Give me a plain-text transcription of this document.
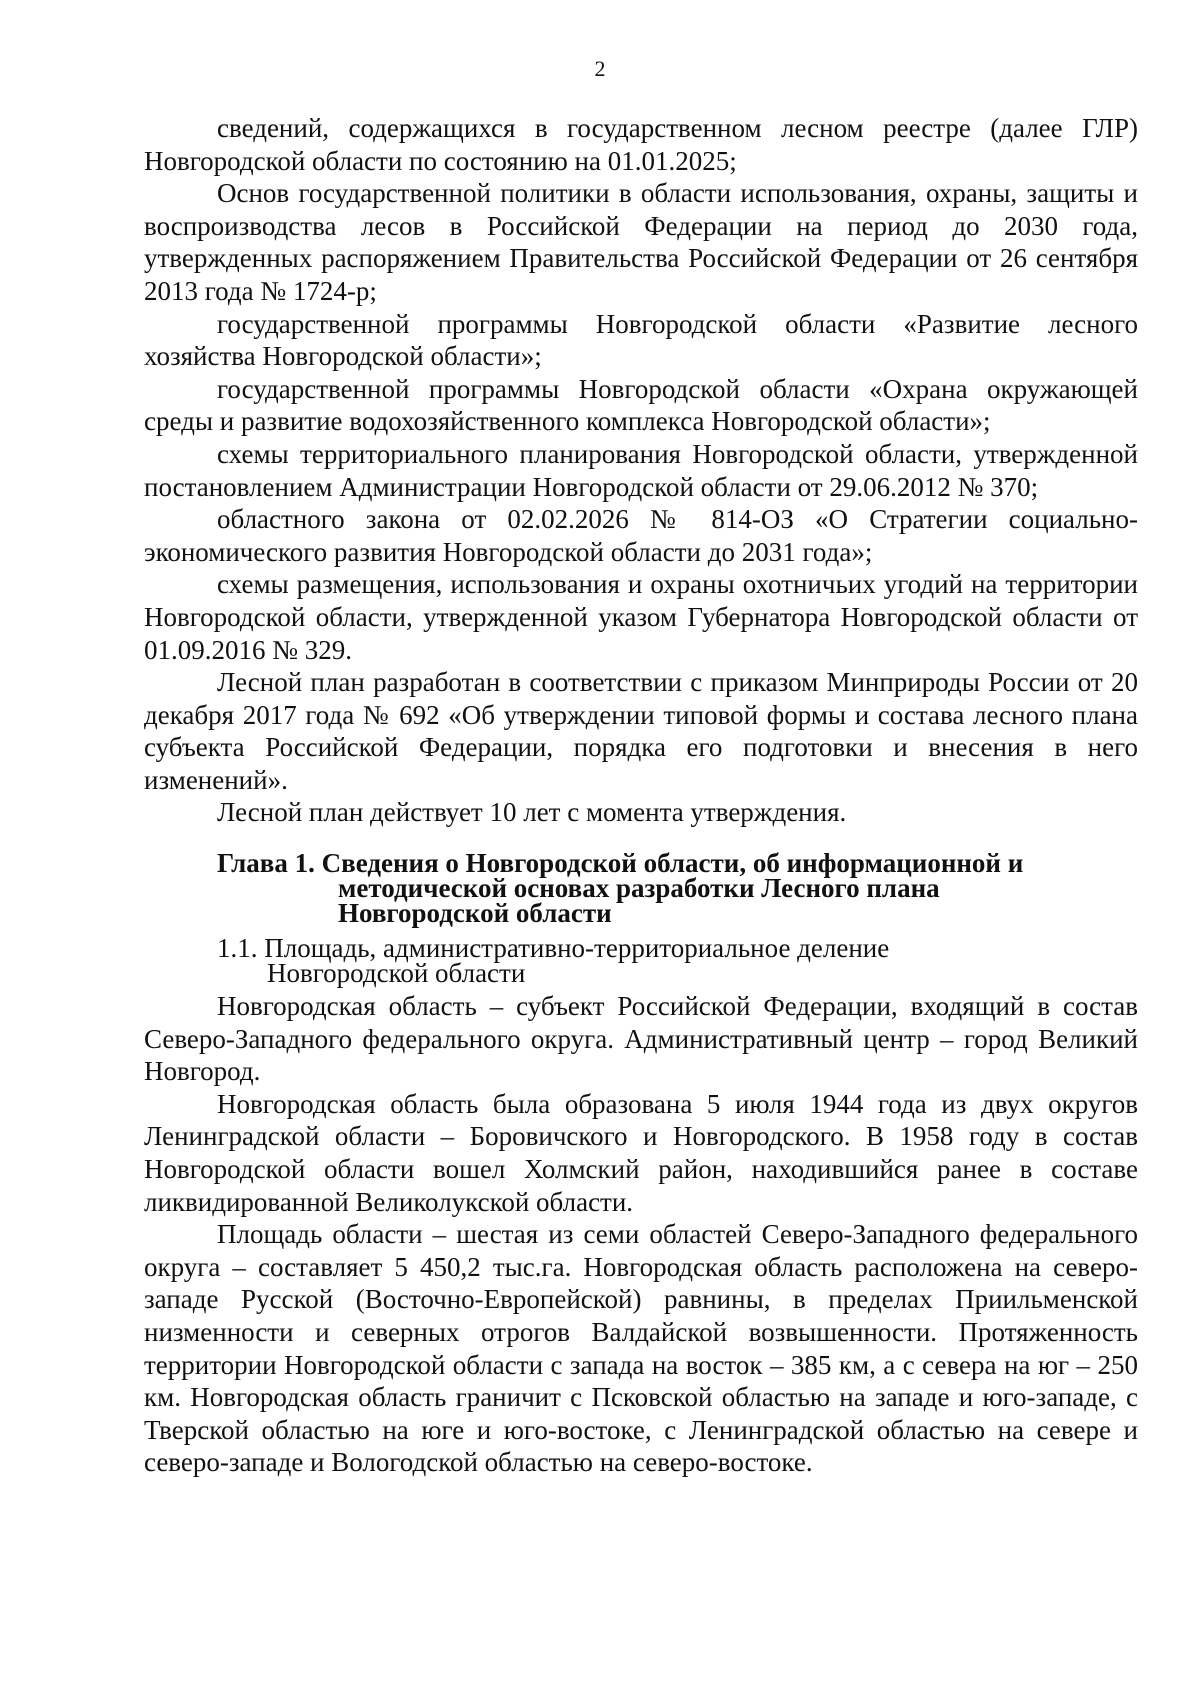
2

сведений, содержащихся в государственном лесном реестре (далее ГЛР) Новгородской области по состоянию на 01.01.2025;

Основ государственной политики в области использования, охраны, защиты и воспроизводства лесов в Российской Федерации на период до 2030 года, утвержденных распоряжением Правительства Российской Федерации от 26 сентября 2013 года № 1724-р;

государственной программы Новгородской области «Развитие лесного хозяйства Новгородской области»;

государственной программы Новгородской области «Охрана окружающей среды и развитие водохозяйственного комплекса Новгородской области»;

схемы территориального планирования Новгородской области, утвержденной постановлением Администрации Новгородской области от 29.06.2012 № 370;

областного закона от 02.02.2026 № 814-ОЗ «О Стратегии социально-экономического развития Новгородской области до 2031 года»;

схемы размещения, использования и охраны охотничьих угодий на территории Новгородской области, утвержденной указом Губернатора Новгородской области от 01.09.2016 № 329.

Лесной план разработан в соответствии с приказом Минприроды России от 20 декабря 2017 года № 692 «Об утверждении типовой формы и состава лесного плана субъекта Российской Федерации, порядка его подготовки и внесения в него изменений».

Лесной план действует 10 лет с момента утверждения.

Глава 1. Сведения о Новгородской области, об информационной и
методической основах разработки Лесного плана
Новгородской области
1.1. Площадь, административно-территориальное деление
Новгородской области

Новгородская область – субъект Российской Федерации, входящий в состав Северо-Западного федерального округа. Административный центр – город Великий Новгород.

Новгородская область была образована 5 июля 1944 года из двух округов Ленинградской области – Боровичского и Новгородского. В 1958 году в состав Новгородской области вошел Холмский район, находившийся ранее в составе ликвидированной Великолукской области.

Площадь области – шестая из семи областей Северо-Западного федерального округа – составляет 5 450,2 тыс.га. Новгородская область расположена на северо-западе Русской (Восточно-Европейской) равнины, в пределах Приильменской низменности и северных отрогов Валдайской возвышенности. Протяженность территории Новгородской области с запада на восток – 385 км, а с севера на юг – 250 км. Новгородская область граничит с Псковской областью на западе и юго-западе, с Тверской областью на юге и юго-востоке, с Ленинградской областью на севере и северо-западе и Вологодской областью на северо-востоке.
